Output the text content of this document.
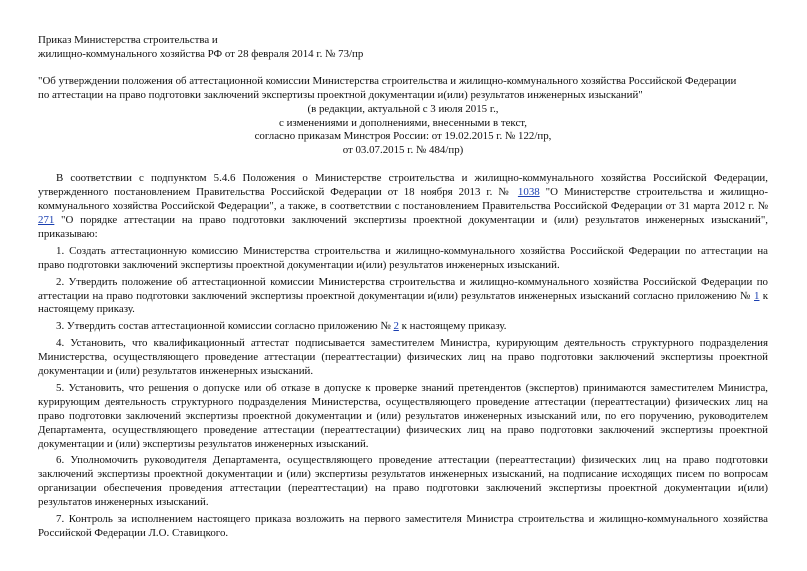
Приказ Министерства строительства и
жилищно-коммунального хозяйства РФ от 28 февраля 2014 г. № 73/пр
"Об утверждении положения об аттестационной комиссии Министерства строительства и жилищно-коммунального хозяйства Российской Федерации
по аттестации на право подготовки заключений экспертизы проектной документации и(или) результатов инженерных изысканий"
(в редакции, актуальной с 3 июля 2015 г.,
с изменениями и дополнениями, внесенными в текст,
согласно приказам Минстроя России: от 19.02.2015 г. № 122/пр,
от 03.07.2015 г. № 484/пр)

В соответствии с подпунктом 5.4.6 Положения о Министерстве строительства и жилищно-коммунального хозяйства Российской Федерации, утвержденного постановлением Правительства Российской Федерации от 18 ноября 2013 г. № 1038 "О Министерстве строительства и жилищно-коммунального хозяйства Российской Федерации", а также, в соответствии с постановлением Правительства Российской Федерации от 31 марта 2012 г. № 271 "О порядке аттестации на право подготовки заключений экспертизы проектной документации и (или) результатов инженерных изысканий", приказываю:

1. Создать аттестационную комиссию Министерства строительства и жилищно-коммунального хозяйства Российской Федерации по аттестации на право подготовки заключений экспертизы проектной документации и(или) результатов инженерных изысканий.

2. Утвердить положение об аттестационной комиссии Министерства строительства и жилищно-коммунального хозяйства Российской Федерации по аттестации на право подготовки заключений экспертизы проектной документации и(или) результатов инженерных изысканий согласно приложению № 1 к настоящему приказу.

3. Утвердить состав аттестационной комиссии согласно приложению № 2 к настоящему приказу.

4. Установить, что квалификационный аттестат подписывается заместителем Министра, курирующим деятельность структурного подразделения Министерства, осуществляющего проведение аттестации (переаттестации) физических лиц на право подготовки заключений экспертизы проектной документации и (или) результатов инженерных изысканий.

5. Установить, что решения о допуске или об отказе в допуске к проверке знаний претендентов (экспертов) принимаются заместителем Министра, курирующим деятельность структурного подразделения Министерства, осуществляющего проведение аттестации (переаттестации) физических лиц на право подготовки заключений экспертизы проектной документации и (или) результатов инженерных изысканий или, по его поручению, руководителем Департамента, осуществляющего проведение аттестации (переаттестации) физических лиц на право подготовки заключений экспертизы проектной документации и (или) экспертизы результатов инженерных изысканий.

6. Уполномочить руководителя Департамента, осуществляющего проведение аттестации (переаттестации) физических лиц на право подготовки заключений экспертизы проектной документации и (или) экспертизы результатов инженерных изысканий, на подписание исходящих писем по вопросам организации обеспечения проведения аттестации (переаттестации) на право подготовки заключений экспертизы проектной документации и(или) результатов инженерных изысканий.

7. Контроль за исполнением настоящего приказа возложить на первого заместителя Министра строительства и жилищно-коммунального хозяйства Российской Федерации Л.О. Ставицкого.
